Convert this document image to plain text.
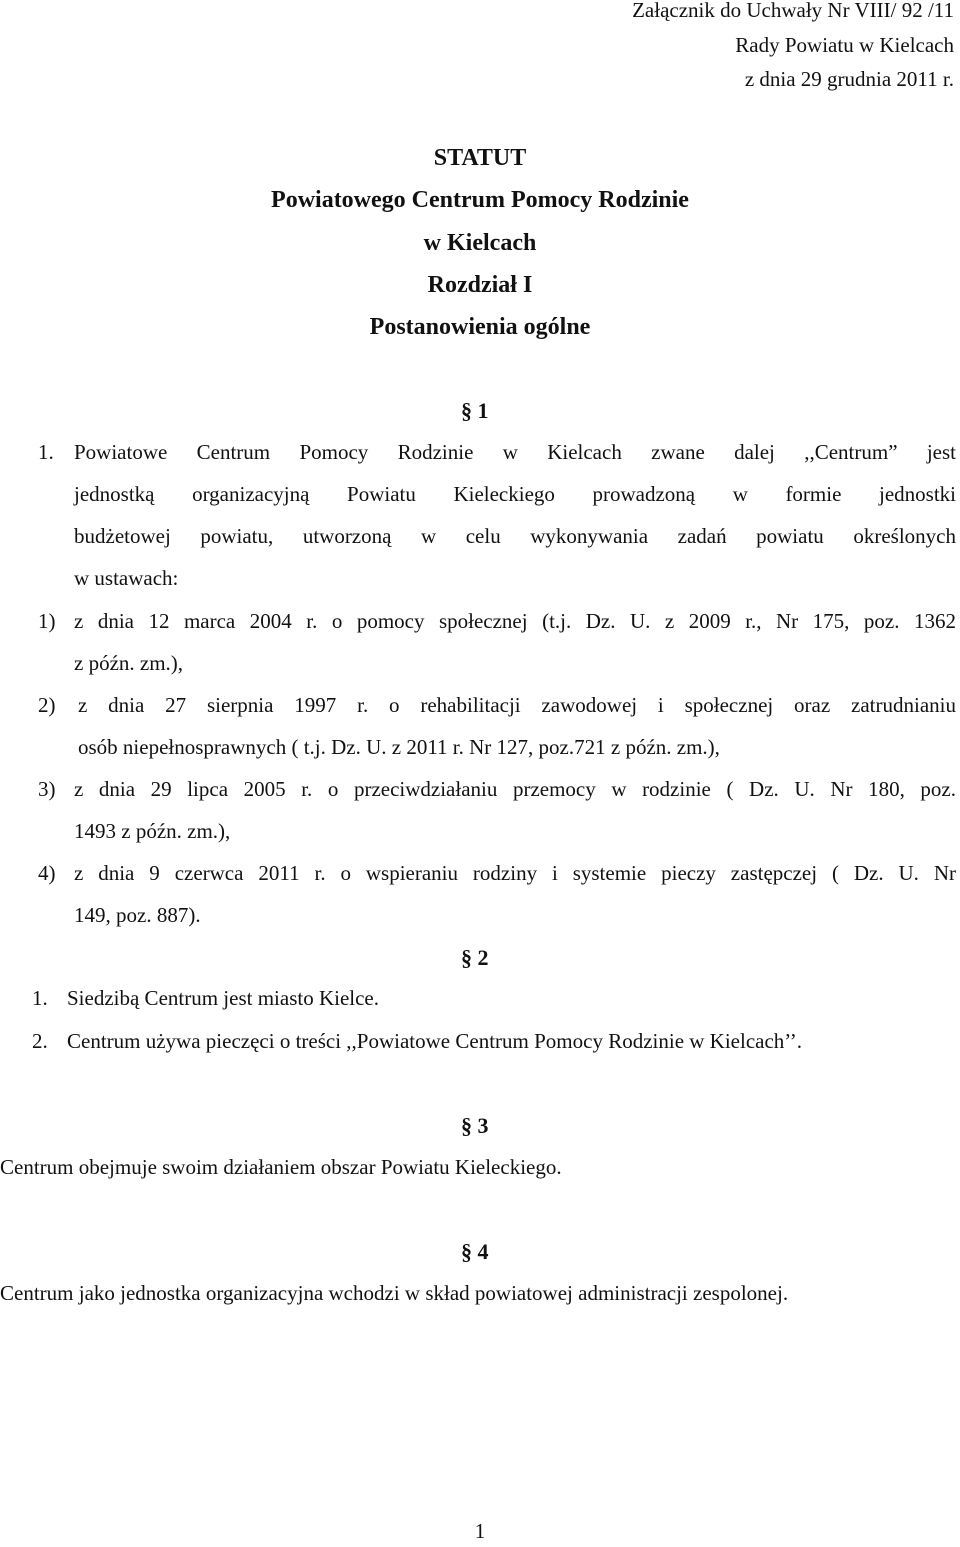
Załącznik do Uchwały Nr VIII/ 92 /11

Rady Powiatu w Kielcach

z dnia 29 grudnia 2011 r.

STATUT

Powiatowego Centrum Pomocy Rodzinie

w Kielcach

Rozdział I

Postanowienia ogólne

§ 1

1. Powiatowe Centrum Pomocy Rodzinie w Kielcach zwane dalej ,,Centrum” jest

jednostką organizacyjną Powiatu Kieleckiego prowadzoną w formie jednostki

budżetowej powiatu, utworzoną w celu wykonywania zadań powiatu określonych

w ustawach:

1) z dnia 12 marca 2004 r. o pomocy społecznej (t.j. Dz. U. z 2009 r., Nr 175, poz. 1362

z późn. zm.),

2) z dnia 27 sierpnia 1997 r. o rehabilitacji zawodowej i społecznej oraz zatrudnianiu

osób niepełnosprawnych ( t.j. Dz. U. z 2011 r. Nr 127, poz.721 z późn. zm.),

3) z dnia 29 lipca 2005 r. o przeciwdziałaniu przemocy w rodzinie ( Dz. U. Nr 180, poz.

1493 z późn. zm.),

4) z dnia 9 czerwca 2011 r. o wspieraniu rodziny i systemie pieczy zastępczej ( Dz. U. Nr

149, poz. 887).

§ 2

1. Siedzibą Centrum jest miasto Kielce.

2. Centrum używa pieczęci o treści ,,Powiatowe Centrum Pomocy Rodzinie w Kielcach’’.

§ 3

Centrum obejmuje swoim działaniem obszar Powiatu Kieleckiego.

§ 4

Centrum jako jednostka organizacyjna wchodzi w skład powiatowej administracji zespolonej.

1
